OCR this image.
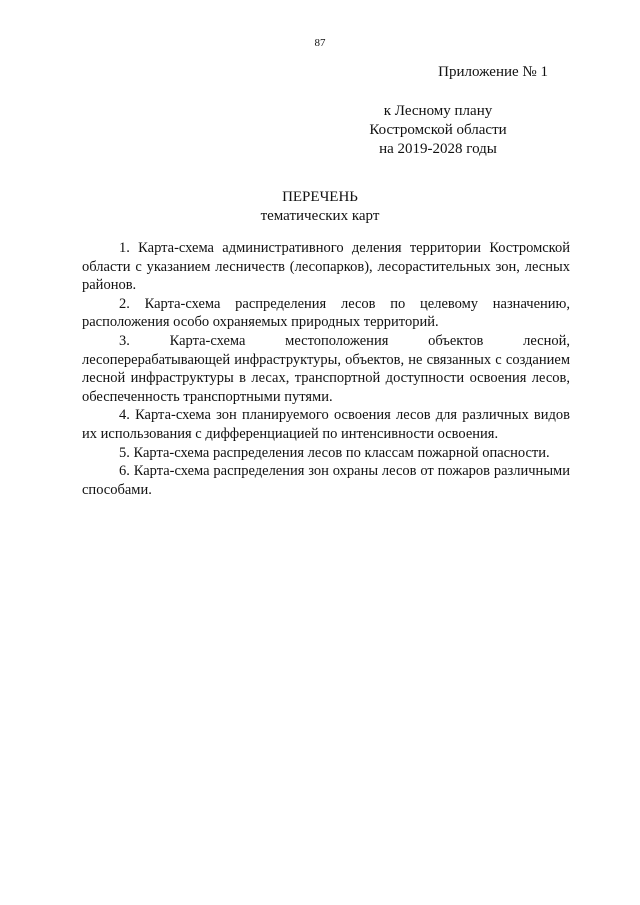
87
Приложение № 1
к Лесному плану
Костромской области
на 2019-2028 годы
ПЕРЕЧЕНЬ
тематических карт

1. Карта-схема административного деления территории Костромской области с указанием лесничеств (лесопарков), лесорастительных зон, лесных районов.

2. Карта-схема распределения лесов по целевому назначению, расположения особо охраняемых природных территорий.

3. Карта-схема местоположения объектов лесной, лесоперерабатывающей инфраструктуры, объектов, не связанных с созданием лесной инфраструктуры в лесах, транспортной доступности освоения лесов, обеспеченность транспортными путями.

4. Карта-схема зон планируемого освоения лесов для различных видов их использования с дифференциацией по интенсивности освоения.

5. Карта-схема распределения лесов по классам пожарной опасности.

6. Карта-схема распределения зон охраны лесов от пожаров различными способами.
